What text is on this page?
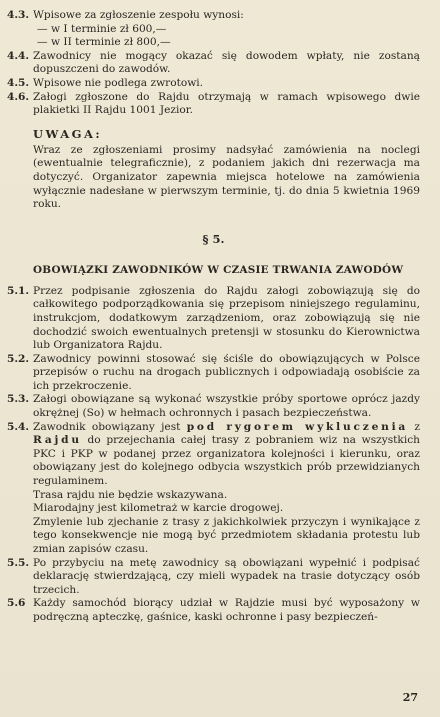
4.3. Wpisowe za zgłoszenie zespołu wynosi:
— w I terminie zł 600,—
— w II terminie zł 800,—
4.4. Zawodnicy nie mogący okazać się dowodem wpłaty, nie zostaną dopuszczeni do zawodów.
4.5. Wpisowe nie podlega zwrotowi.
4.6. Załogi zgłoszone do Rajdu otrzymają w ramach wpisowego dwie plakietki II Rajdu 1001 Jezior.
UWAGA:
Wraz ze zgłoszeniami prosimy nadsyłać zamówienia na noclegi (ewentualnie telegraficznie), z podaniem jakich dni rezerwacja ma dotyczyć. Organizator zapewnia miejsca hotelowe na zamówienia wyłącznie nadesłane w pierwszym terminie, tj. do dnia 5 kwietnia 1969 roku.
§ 5.
OBOWIĄZKI ZAWODNIKÓW W CZASIE TRWANIA ZAWODÓW
5.1. Przez podpisanie zgłoszenia do Rajdu załogi zobowiązują się do całkowitego podporządkowania się przepisom niniejszego regulaminu, instrukcjom, dodatkowym zarządzeniom, oraz zobowiązują się nie dochodzić swoich ewentualnych pretensji w stosunku do Kierownictwa lub Organizatora Rajdu.
5.2. Zawodnicy powinni stosować się ściśle do obowiązujących w Polsce przepisów o ruchu na drogach publicznych i odpowiadają osobiście za ich przekroczenie.
5.3. Załogi obowiązane są wykonać wszystkie próby sportowe oprócz jazdy okrężnej (So) w hełmach ochronnych i pasach bezpieczeństwa.
5.4. Zawodnik obowiązany jest pod rygorem wykluczenia z Rajdu do przejechania całej trasy z pobraniem wiz na wszystkich PKC i PKP w podanej przez organizatora kolejności i kierunku, oraz obowiązany jest do kolejnego odbycia wszystkich prób przewidzianych regulaminem.
Trasa rajdu nie będzie wskazywana.
Miarodajny jest kilometraż w karcie drogowej.
Zmylenie lub zjechanie z trasy z jakichkolwiek przyczyn i wynikające z tego konsekwencje nie mogą być przedmiotem składania protestu lub zmian zapisów czasu.
5.5. Po przybyciu na metę zawodnicy są obowiązani wypełnić i podpisać deklarację stwierdzającą, czy mieli wypadek na trasie dotyczący osób trzecich.
5.6 Każdy samochód biorący udział w Rajdzie musi być wyposażony w podręczną apteczkę, gaśnice, kaski ochronne i pasy bezpieczeń-
27
